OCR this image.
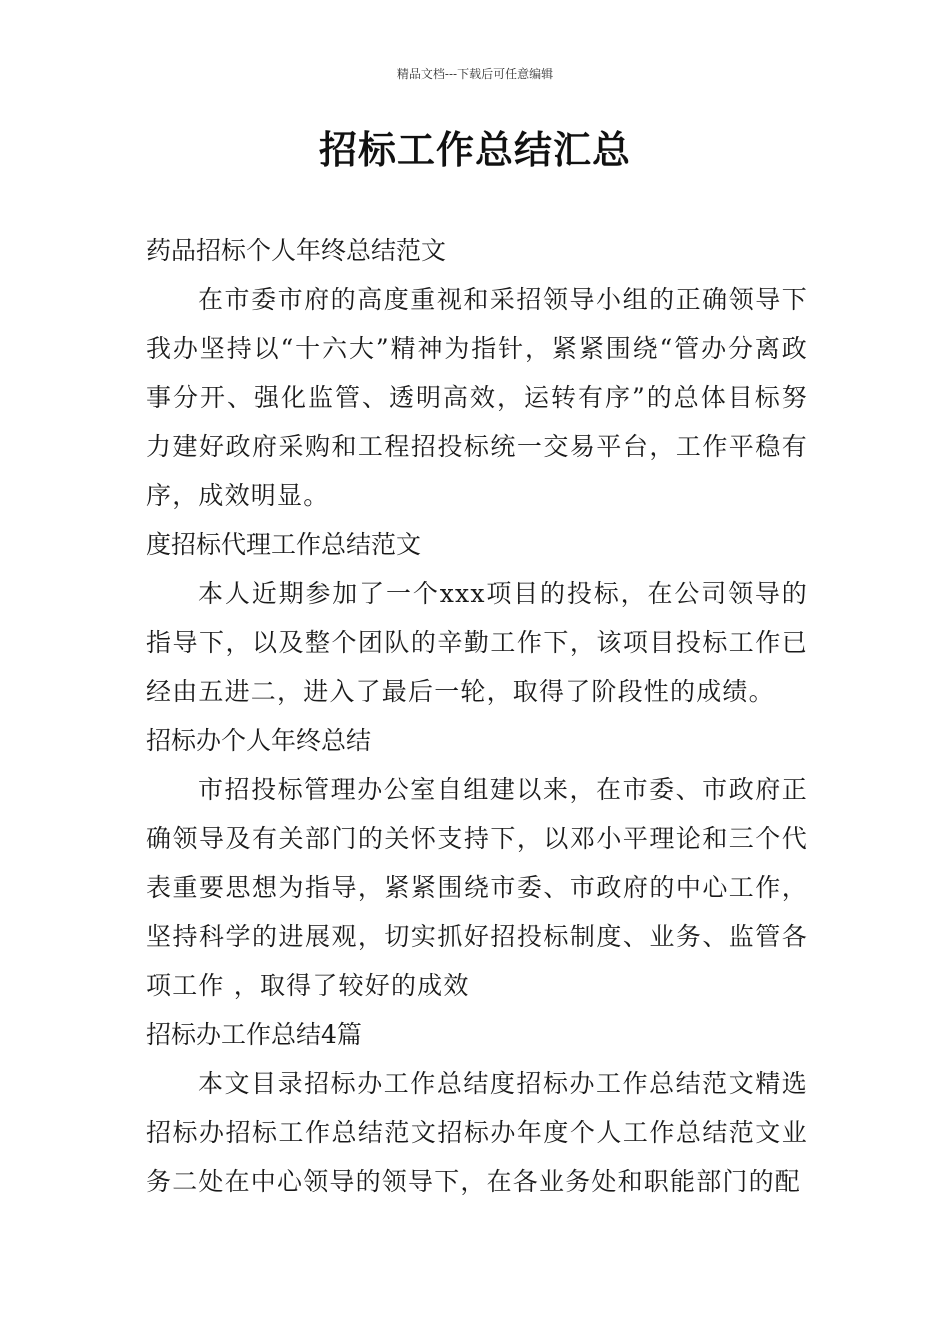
精品文档---下载后可任意编辑
招标工作总结汇总

药品招标个人年终总结范文

在市委市府的高度重视和采招领导小组的正确领导下我办坚持以“十六大”精神为指针，紧紧围绕“管办分离政事分开、强化监管、透明高效，运转有序”的总体目标努力建好政府采购和工程招投标统一交易平台，工作平稳有序，成效明显。

度招标代理工作总结范文

本人近期参加了一个xxx项目的投标，在公司领导的指导下，以及整个团队的辛勤工作下，该项目投标工作已经由五进二，进入了最后一轮，取得了阶段性的成绩。

招标办个人年终总结

市招投标管理办公室自组建以来，在市委、市政府正确领导及有关部门的关怀支持下，以邓小平理论和三个代表重要思想为指导，紧紧围绕市委、市政府的中心工作，坚持科学的进展观，切实抓好招投标制度、业务、监管各项工作 ，取得了较好的成效

招标办工作总结4篇

本文目录招标办工作总结度招标办工作总结范文精选招标办招标工作总结范文招标办年度个人工作总结范文业务二处在中心领导的领导下，在各业务处和职能部门的配
